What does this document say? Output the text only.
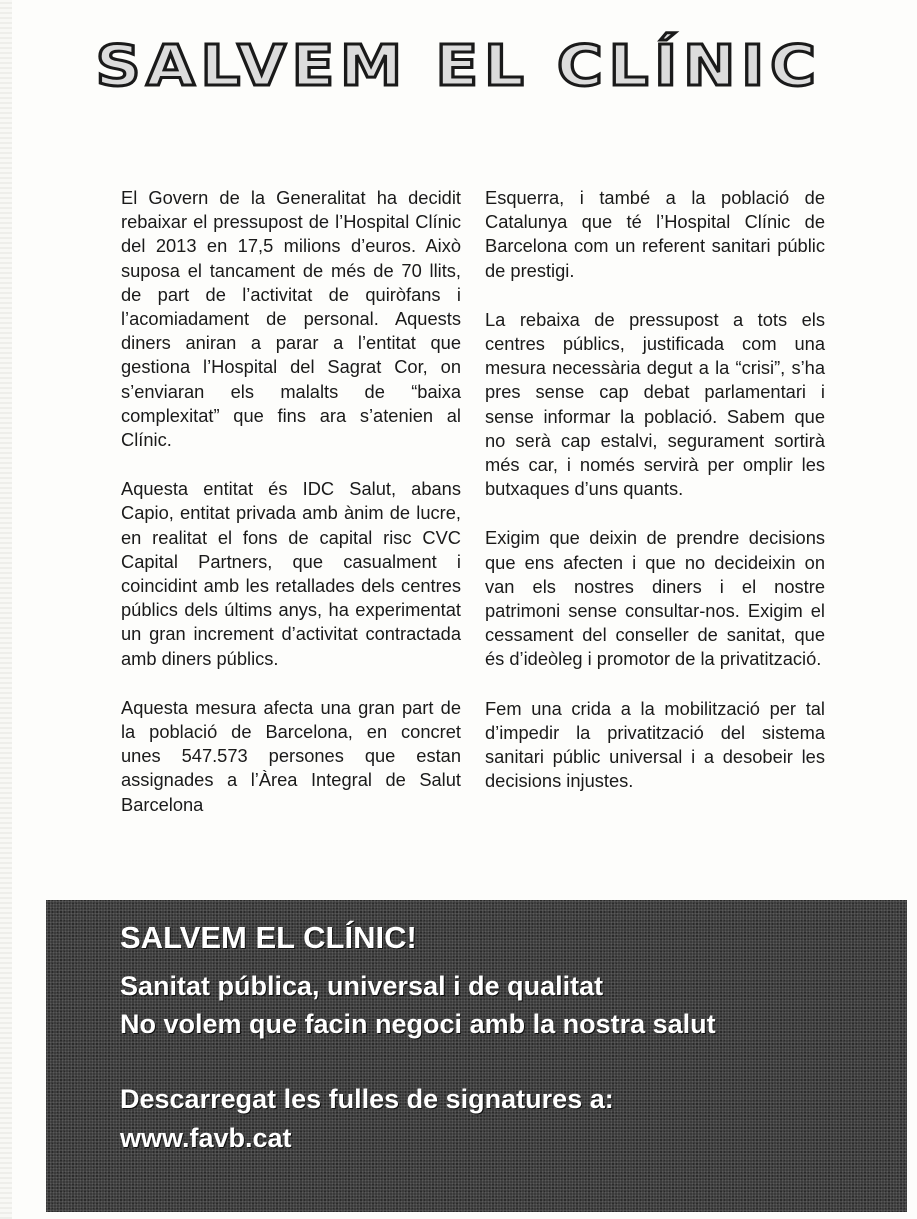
SALVEM EL CLÍNIC

El Govern de la Generalitat ha decidit rebaixar el pressupost de l’Hospital Clínic del 2013 en 17,5 milions d’euros. Això suposa el tancament de més de 70 llits, de part de l’activitat de quiròfans i l’acomiadament de personal. Aquests diners aniran a parar a l’entitat que gestiona l’Hospital del Sagrat Cor, on s’enviaran els malalts de “baixa complexitat” que fins ara s’atenien al Clínic.

Aquesta entitat és IDC Salut, abans Capio, entitat privada amb ànim de lucre, en realitat el fons de capital risc CVC Capital Partners, que casualment i coincidint amb les retallades dels centres públics dels últims anys, ha experimentat un gran increment d’activitat contractada amb diners públics.

Aquesta mesura afecta una gran part de la població de Barcelona, en concret unes 547.573 persones que estan assignades a l’Àrea Integral de Salut Barcelona

Esquerra, i també a la població de Catalunya que té l’Hospital Clínic de Barcelona com un referent sanitari públic de prestigi.

La rebaixa de pressupost a tots els centres públics, justificada com una mesura necessària degut a la “crisi”, s’ha pres sense cap debat parlamentari i sense informar la població. Sabem que no serà cap estalvi, segurament sortirà més car, i només servirà per omplir les butxaques d’uns quants.

Exigim que deixin de prendre decisions que ens afecten i que no decideixin on van els nostres diners i el nostre patrimoni sense consultar-nos. Exigim el cessament del conseller de sanitat, que és d’ideòleg i promotor de la privatització.

Fem una crida a la mobilització per tal d’impedir la privatització del sistema sanitari públic universal i a desobeir les decisions injustes.

SALVEM EL CLÍNIC!

Sanitat pública, universal i de qualitat

No volem que facin negoci amb la nostra salut

Descarregat les fulles de signatures a:

www.favb.cat
